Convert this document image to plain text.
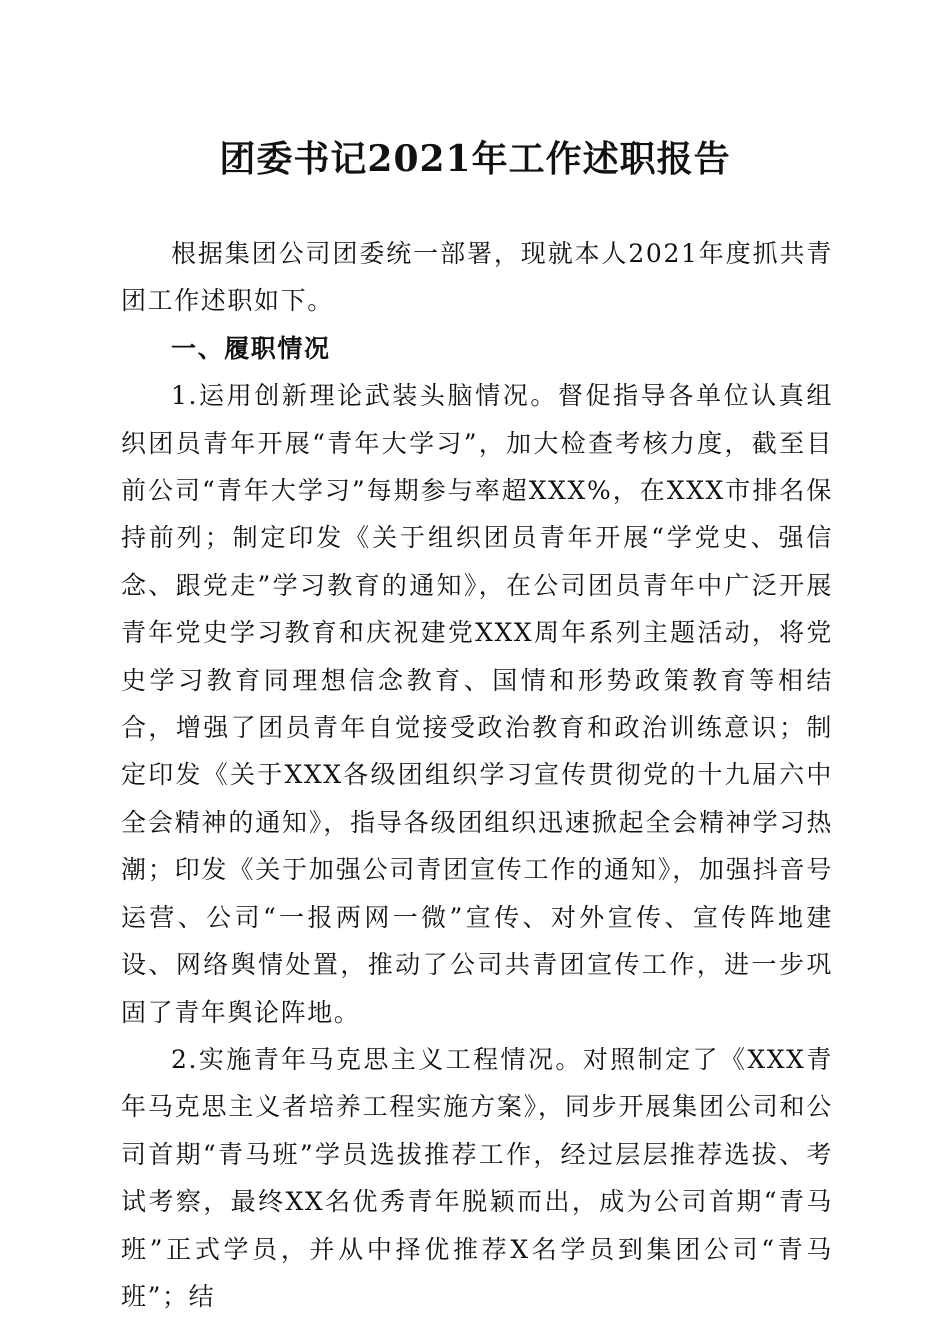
团委书记2021年工作述职报告

根据集团公司团委统一部署，现就本人2021年度抓共青团工作述职如下。

一、履职情况

1.运用创新理论武装头脑情况。督促指导各单位认真组织团员青年开展“青年大学习”，加大检查考核力度，截至目前公司“青年大学习”每期参与率超XXX%，在XXX市排名保持前列；制定印发《关于组织团员青年开展“学党史、强信念、跟党走”学习教育的通知》，在公司团员青年中广泛开展青年党史学习教育和庆祝建党XXX周年系列主题活动，将党史学习教育同理想信念教育、国情和形势政策教育等相结合，增强了团员青年自觉接受政治教育和政治训练意识；制定印发《关于XXX各级团组织学习宣传贯彻党的十九届六中全会精神的通知》，指导各级团组织迅速掀起全会精神学习热潮；印发《关于加强公司青团宣传工作的通知》，加强抖音号运营、公司“一报两网一微”宣传、对外宣传、宣传阵地建设、网络舆情处置，推动了公司共青团宣传工作，进一步巩固了青年舆论阵地。

2.实施青年马克思主义工程情况。对照制定了《XXX青年马克思主义者培养工程实施方案》，同步开展集团公司和公司首期“青马班”学员选拔推荐工作，经过层层推荐选拔、考试考察，最终XX名优秀青年脱颖而出，成为公司首期“青马班”正式学员，并从中择优推荐X名学员到集团公司“青马班”；结
